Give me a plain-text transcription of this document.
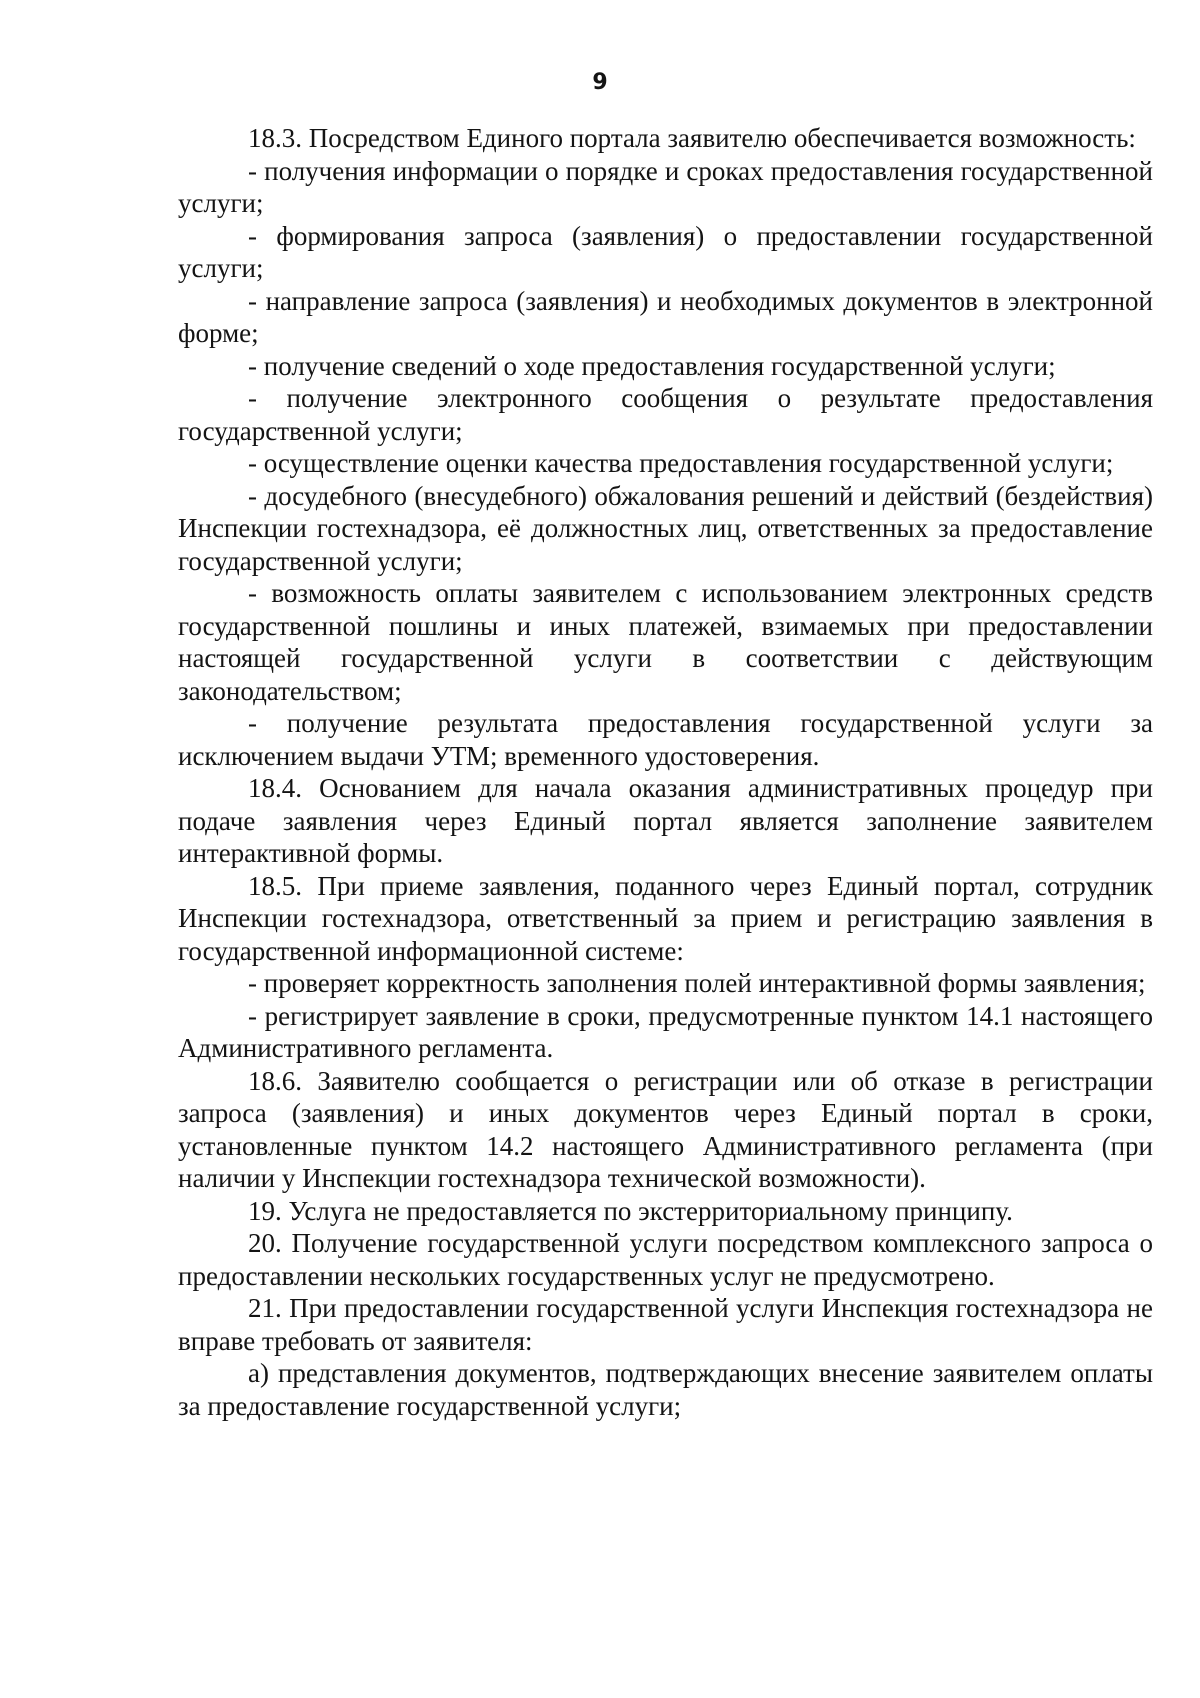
9

18.3. Посредством Единого портала заявителю обеспечивается возможность:

- получения информации о порядке и сроках предоставления государственной услуги;

- формирования запроса (заявления) о предоставлении государственной услуги;

- направление запроса (заявления) и необходимых документов в электронной форме;

- получение сведений о ходе предоставления государственной услуги;

- получение электронного сообщения о результате предоставления государственной услуги;

- осуществление оценки качества предоставления государственной услуги;

- досудебного (внесудебного) обжалования решений и действий (бездействия) Инспекции гостехнадзора, её должностных лиц, ответственных за предоставление государственной услуги;

- возможность оплаты заявителем с использованием электронных средств государственной пошлины и иных платежей, взимаемых при предоставлении настоящей государственной услуги в соответствии с действующим законодательством;

- получение результата предоставления государственной услуги за исключением выдачи УТМ; временного удостоверения.

18.4. Основанием для начала оказания административных процедур при подаче заявления через Единый портал является заполнение заявителем интерактивной формы.

18.5. При приеме заявления, поданного через Единый портал, сотрудник Инспекции гостехнадзора, ответственный за прием и регистрацию заявления в государственной информационной системе:

- проверяет корректность заполнения полей интерактивной формы заявления;

- регистрирует заявление в сроки, предусмотренные пунктом 14.1 настоящего Административного регламента.

18.6. Заявителю сообщается о регистрации или об отказе в регистрации запроса (заявления) и иных документов через Единый портал в сроки, установленные пунктом 14.2 настоящего Административного регламента (при наличии у Инспекции гостехнадзора технической возможности).

19. Услуга не предоставляется по экстерриториальному принципу.

20. Получение государственной услуги посредством комплексного запроса о предоставлении нескольких государственных услуг не предусмотрено.

21. При предоставлении государственной услуги Инспекция гостехнадзора не вправе требовать от заявителя:

а) представления документов, подтверждающих внесение заявителем оплаты за предоставление государственной услуги;
